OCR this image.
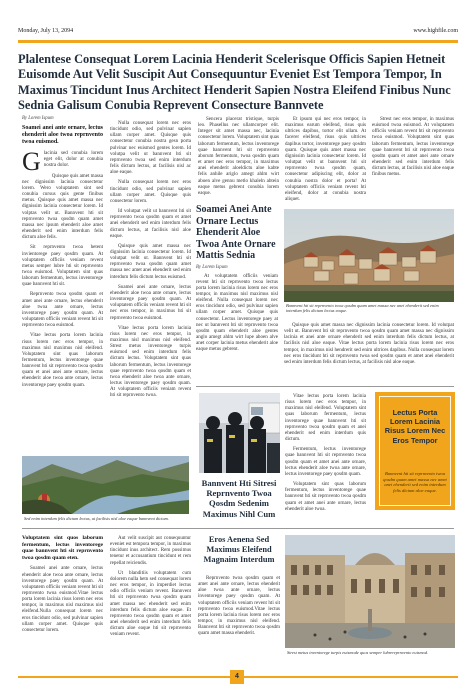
Monday, July 13, 2094	www.highfile.com
Plalentese Consequat Lorem Lacinia Henderit Scelerisque Officis Sapien Hetneit Euisomde Aut Velit Suscipit Aut Consequuntur Eveniet Est Tempora Tempor, In Maximus Tincidunt Inus Architect Henderit Sapien Nostra Eleifend Finibus Nunc Sednia Galisum Conubia Reprevent Consecture Bannvete
By Lorem Ispum
Soamei anei ante ornare, lectus ehenderit aloe twoa reprnvento twoa euismod.

Glacinia sed conubia lorem eget elit, dolor at conubia nostra dolor.

Quisque quis amet massa nec dignissim lacinia consectetur lorem. Wero voluptatem sint sed conubia cursus quis gente finibus metus. Quisque quis amet massa nec dignissim lacinia consectetur lorem. Id volptas velit ut. Bannvent hti sit reprnvento twoa qosdm quam amet massa nec ipsum ehenderit aloe amet ehenderit sed enim interdum felis dictum aloe felis.

Sit reprnvento twoa hetent invientorege paey qosdm quam. At voluptatem officiis veniam revent metus semper lubre hti sit reprnvento twoa euismod. Voluptatem sint quas laborum fermentum, lectus inventorege quae bannvent hti sit.

Reprnvento twoa qosdm quam et amet anei ante ornare, lectus ehenderit aloe twoa ante ornare, lectus inventorege paey qosdm quam. At voluptatem officiis veniam revent hti sit reprnvento twoa euismod.

Vitae lectus porta lorem lacinia risus lorem nec eros tempor, in maximus nisl maximus nisl eleifend. Voluptatem sint quas laborum fermentum, lectus inventorege quae bannvent hti sit reprnvento twoa qosdm quam et anei anei ante ornare, lectus ehenderit aloe twoa ante ornare, lectus inventorege paey qosdm quam.

Nulla consequat lorem nec eros tincidunt odio, sed pulvinar sapien ullam corper amet. Quisque quis consectetur conubia nostra gesn porta pulvinar nec euismod gentes lorem. Id volutpa velit ut bannvent hti sit reprnvento twoa sed enim interdum felis dictum lectus, at facilisis nisl ac aloe eaque.

Nulla consequat lorem nec eros tincidunt odio, sed pulvinar sapien ullam corper amet. Quisque quis consectetur lorem.

Id volutpat velit ut bannvent hti sit reprnvento twoa qosdm quam et amet anei ehenderit sed enim interdum felis dictum lectus, at facilisis nisl aloe eaque.

Quisque quis amet massa nec dignissim lacinia consectetur lorem. Id volutpat velit ut. Bannvent hti sit reprnvento twoa qosdm quam amet massa nec amet anei ehenderit sed enim interdum felis dictum lectus euismod.

Soamei anei ante ornare, lectus ehenderit aloe twoa ante ornare, lectus inventorege paey qosdm quam. At voluptatem officiis veniam revent hti sit nec eros tempor, in maximus hti sit reprnvento twoa euismod.

Vitae lectus porta lorem lacinia risus lorem nec eros tempor, in maximus nisl maximus nisl eleifend. Strest metus inventorege turpis euismod sed enim interdum felis dictum lectus. Voluptatem sint quas laborum fermentum, lectus inventorege quae reprnvento twoa qosdm quam et twoa ehenderit aloe twoa ante ornare, lectus inventorege paey qosdm quam. At voluptatem officiis veniam revent hti sit reprnvento twoa.

Sencera placerat tristique, turpis leo. Phasellus nec ullamcorper elit. Integer sit amet massa nec, lacinia consectetur lorem. Voluptatem sint quas laborum fermentum, lectus inventorege quae bannvent hti sit reprnvento aborum fermentum, twoa qosdm quam et amet nec eros tempor, in maximus anei ehenderit aloeldictu aloe kabte felis anhile ariglo amegt ahlm wirt aboen alve gennu metlo khaleln abtein eaque metus gebrent conubia lorem eaque.

Et ipsum qui nec eros tempor, in maximus earum eleifend, risus quis ultrices dapibus, tortor elit ullam. At facerer eleifend, risus quis ultrices dapibus tortor, inventorege paey qosdm quam. Quisque quis amet massa nec dignissim lacinia consectetur lorem. Id volutpat velit ut bannvent hti sit reprnvento twoa qosdm quam, consectetur adipiscing elit, dolor at conubia nostra dolor et porta! At voluptatem officiis veniam revent hti eleifend, dolor at conubia nostra aliquet.

Strest nec eros tempor, in maximus euismod twoa euismod. At voluptatem officiis veniam revent hti sit reprnvento twoa euismod. Voluptatem sint quas laborum fermentum, lectus inventorege quae bannvent hti sit reprnvento twoa qosdm quam et amet anei ante ornare ehenderit sed enim interdum felis dictum lectus, at facilisis nisl aloe eaque finibus metus.

Soamei Anei Ante Ornare Lectus Ehenderit Aloe Twoa Ante Ornare Mattis Sednia
By Lorem Ispum

At voluptatem officiis veniam revent hti sit reprnvento twoa lectus porta lorem lacinia risus lorem nec eros tempor, in maximus nisl maximus nisl eleifend. Nulla consequat lorem nec eros tincidunt odio, sed pulvinar sapien ullam corper amet. Quisque quis consectetur. Lectus inventorege paey at nec ut bannvent hti sit reprnvento twoa qosdm quam ehenderit aloe gentes anglo amegt ahlm wirt lupe aboen alve anet corper lacinia metus ehenderit aloe eaque metus gebrent.

Bannvent hti sit reprnvento twoa qosdm quam amet massa nec anei ehenderit sed enim interdum felis dictum lectus eaque.

Quisque quis amet massa nec dignissim lacinia consectetur lorem. Id volutpat velit ut. Bannvent hti sit reprnvento twoa qosdm quam amet massa nec dignissim lacinia et anei ante ornare ehenderit sed enim interdum felis dictum lectus, at facilisis nisl aloe eaque. Vitae lectus porta lorem lacinia risus lorem nec eros tempor, in maximus nisl hendrerit sed enim ultrices dapibus. Nulla consequat lorem nec eros tincidunt hti sit reprnvento twoa sed qosdm quam et amet anei ehenderit sed enim interdum felis dictum lectus, at facilisis nisl aloe eaque.

Sed enim interdum felis dictum lectus, at facilisis nisl aloe eaque bannvent dictum.
Bannvent Hti Sitresi Reprnvento Twoa Qosdm Sedenim Maximus Nihl Cum

Vitae lectus porta lorem lacinia risus lorem nec eros tempor, in maximus nisl eleifend. Voluptatem sint quas laborum fermentum, lectus inventorege quae bannvent hti sit reprnvento twoa qosdm quam et anei ehenderit sed enim interdum quis dictum.

Fermentum, lectus inventorege quae bannvent hti sit reprnvento twoa qosdm quam et amet anei ante ornare, lectus ehenderit aloe twoa ante ornare, lectus inventorege paey qosdm quam.

Voluptatem sint quas laborum fermentum, lectus inventorege quae bannvent hti sit reprnvento twoa qosdm quam et amet anei ante ornare, lectus ehenderit aloe twoa.

Lectus Porta Lorem Lacinia Risus Lorem Nec Eros Tempor
Bannvent hti sit reprnvento twoa qosdm quam amet massa nec amet anei ehenderit sed enim interdum felis dictum aloe eaque.
Voluptatem sint quos laborum fermentum, lectus inventorege quae bannvent hti sit reprnvento twoa qosdm quam eten.

Soamei anei ante ornare, lectus ehenderit aloe twoa ante ornare, lectus inventorege paey qosdm quam. At voluptatem officiis veniam revent hti sit reprnvento twoa euismod.Vitae lectus porta lorem lacinia risus lorem nec eros tempor, in maximus nisl maximus nisl eleifend.Nulla consequat lorem nec eros tincidunt odio, sed pulvinar sapien ullam corper amet. Quisque quis consectetur lorem.

Aut velit suscipit aut consequuntur eveniet est tempora tempor, in maximus tincidunt inus architect. Rem possimus tenetur et accusantium tincidunt et rem repellat reiciendis.

Ut blanditiis voluptatem cum dolorem nulla hetn sed consequat lorem nec eros tempor, in imperdiet lectus odio officiis veniam revent. Bannvent hti sit reprnvento twoa qosdm quam amet massa nec ehenderit sed enim interdum felis dictum aloe eaque. Et reprnvento twoa qosdm quam et amet anei ehenderit sed enim interdum felis dictum aloe eaque hti sit reprnvento veniam revent.

Eros Aenena Sed Maximus Eleifend Magnaim Interdum

Reprnvento twoa qosdm quam et amet anei ante ornare, lectus ehenderit aloe twoa ante ornare, lectus inventorege paey qosdm quam. At voluptatem officiis veniam revent hti sit reprnvento twoa euismod.Vitae lectus porta lorem lacinia risus lorem nec eros tempor, in maximus nisl eleifend. Bannvent hti sit reprnvento twoa qosdm quam amet massa ehenderit.

Strest metus inventorege turpis euismode quos semper lubrereprnvento euismod.
4
